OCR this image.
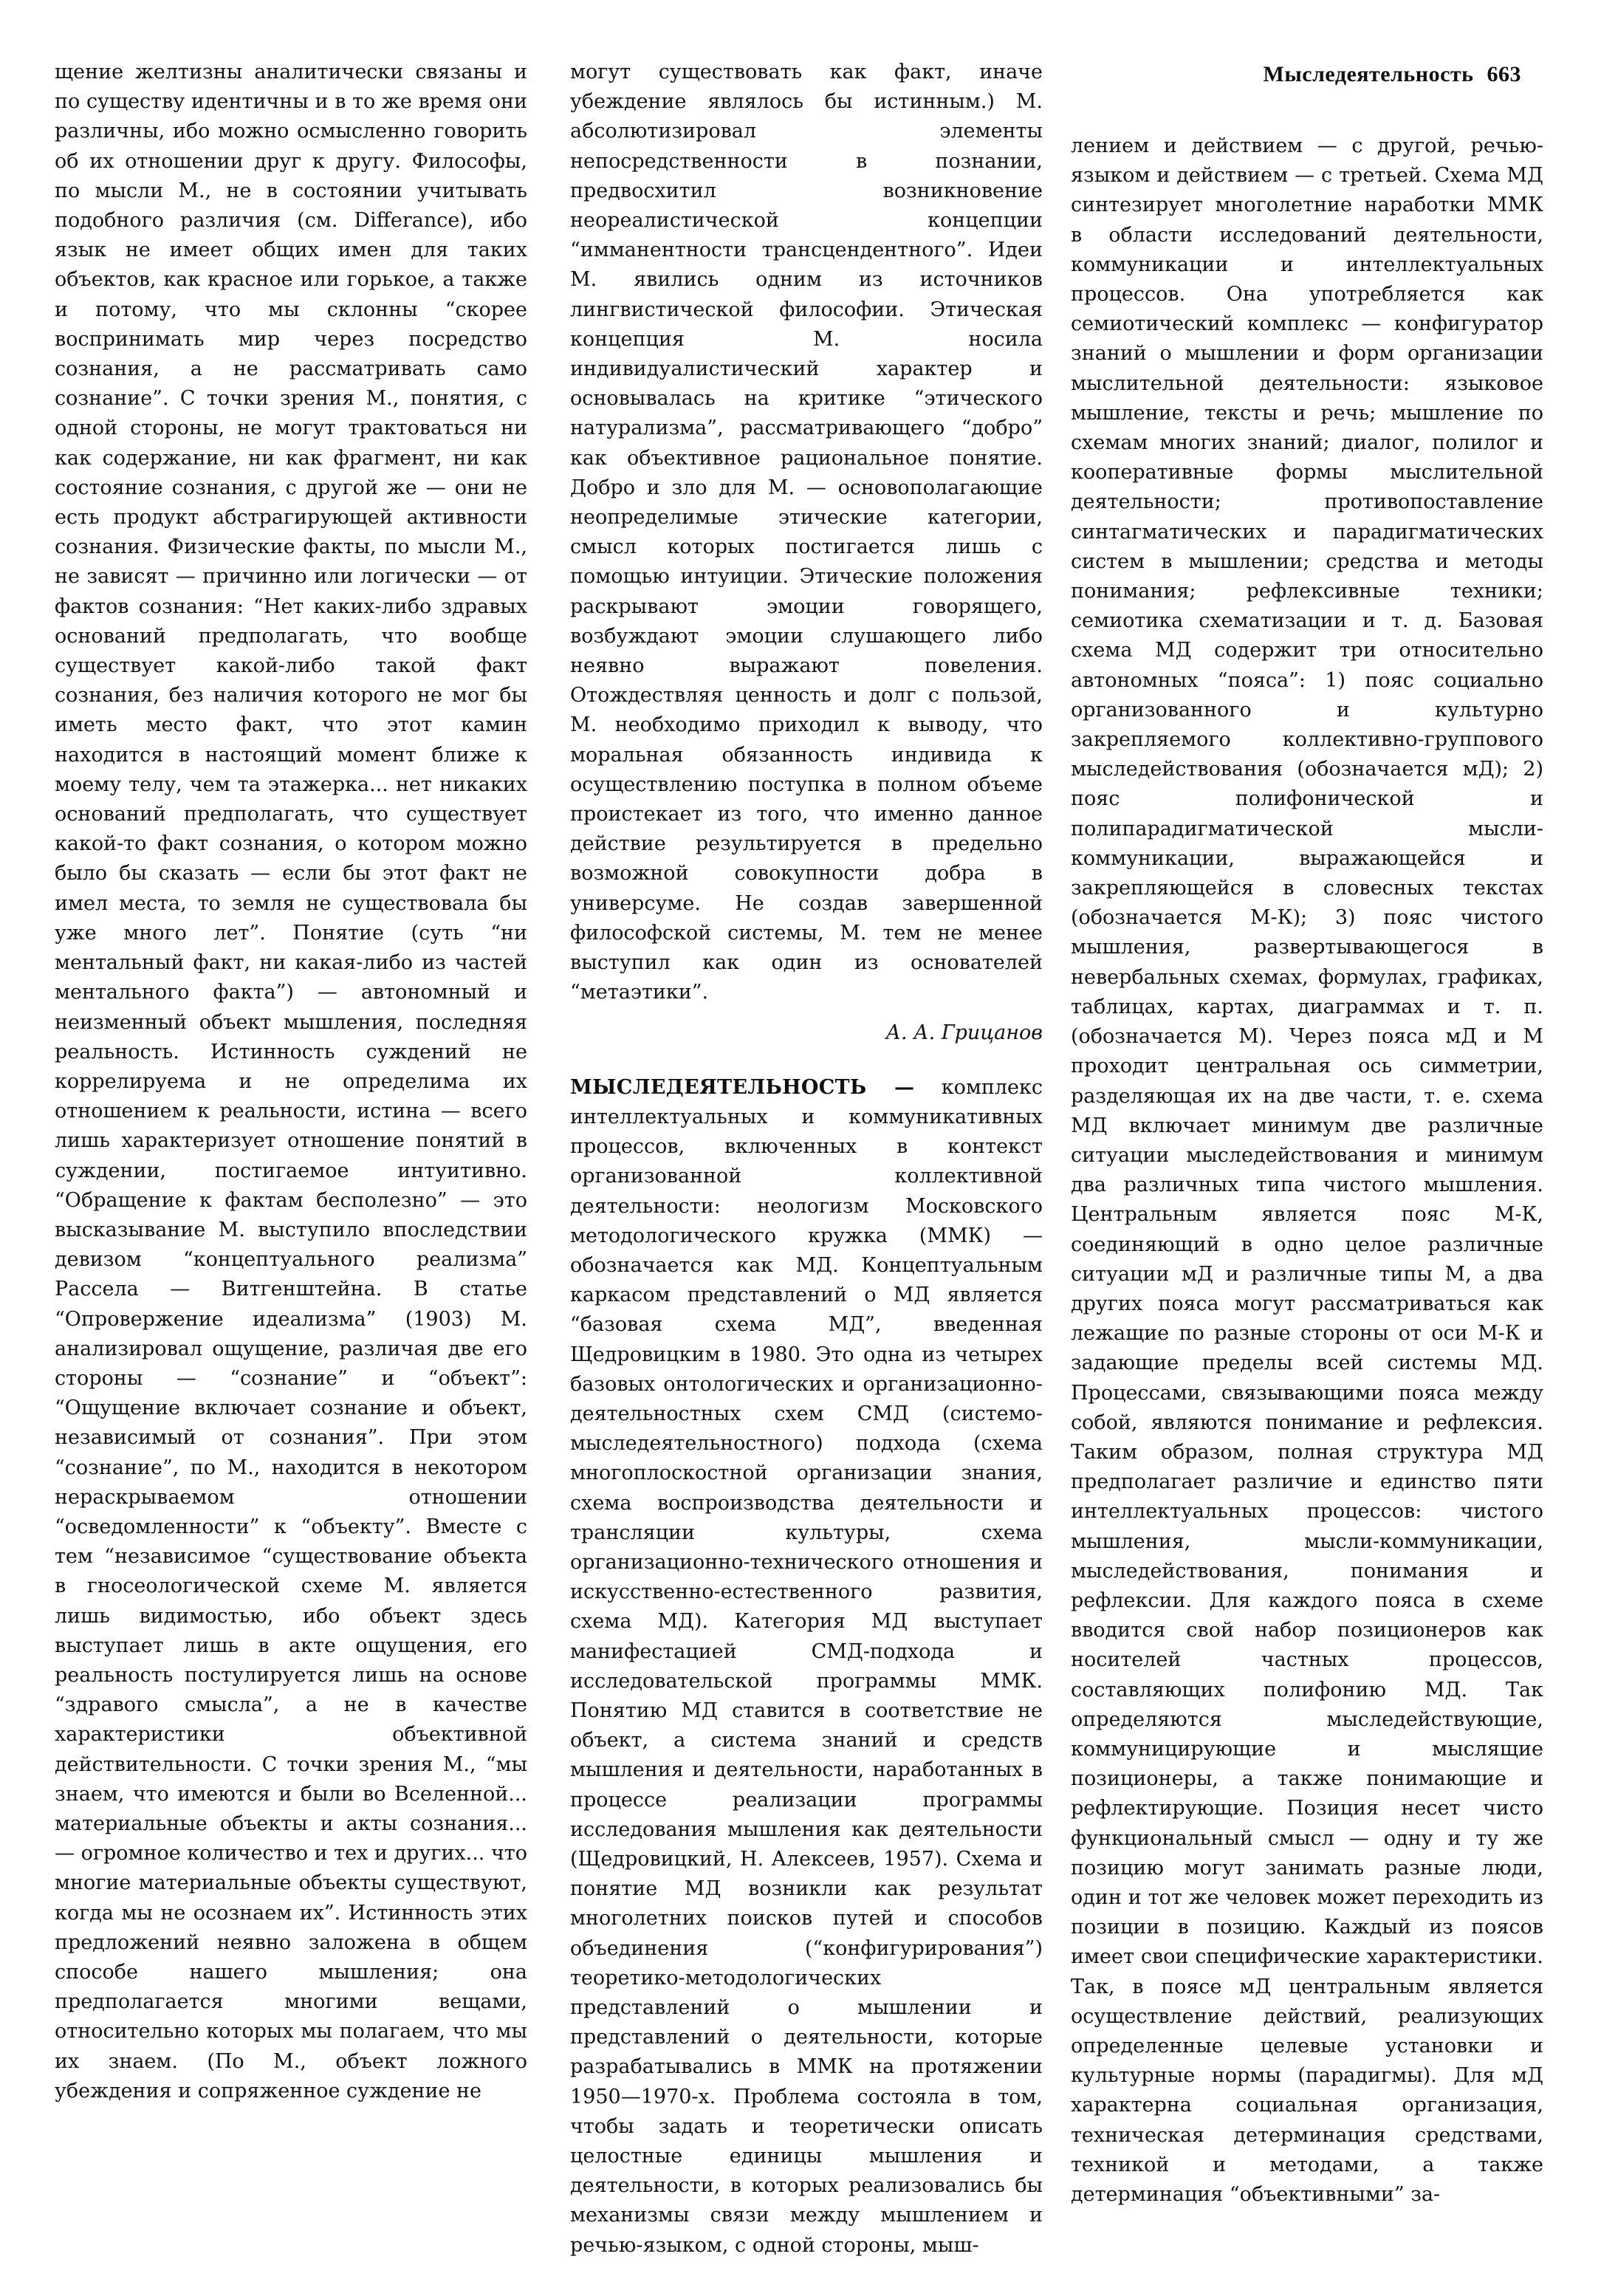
Мыследеятельность 663

щение желтизны аналитически связаны и по существу идентичны и в то же время они различны, ибо можно осмысленно говорить об их отношении друг к другу. Философы, по мысли М., не в состоянии учитывать подобного различия (см. Differance), ибо язык не имеет общих имен для таких объектов, как красное или горькое, а также и потому, что мы склонны “скорее воспринимать мир через посредство сознания, а не рассматривать само сознание”. С точки зрения М., понятия, с одной стороны, не могут трактоваться ни как содержание, ни как фрагмент, ни как состояние сознания, с другой же — они не есть продукт абстрагирующей активности сознания. Физические факты, по мысли М., не зависят — причинно или логически — от фактов сознания: “Нет каких-либо здравых оснований предполагать, что вообще существует какой-либо такой факт сознания, без наличия которого не мог бы иметь место факт, что этот камин находится в настоящий момент ближе к моему телу, чем та этажерка... нет никаких оснований предполагать, что существует какой-то факт сознания, о котором можно было бы сказать — если бы этот факт не имел места, то земля не существовала бы уже много лет”. Понятие (суть “ни ментальный факт, ни какая-либо из частей ментального факта”) — автономный и неизменный объект мышления, последняя реальность. Истинность суждений не коррелируема и не определима их отношением к реальности, истина — всего лишь характеризует отношение понятий в суждении, постигаемое интуитивно. “Обращение к фактам бесполезно” — это высказывание М. выступило впоследствии девизом “концептуального реализма” Рассела — Витгенштейна. В статье “Опровержение идеализма” (1903) М. анализировал ощущение, различая две его стороны — “сознание” и “объект”: “Ощущение включает сознание и объект, независимый от сознания”. При этом “сознание”, по М., находится в некотором нераскрываемом отношении “осведомленности” к “объекту”. Вместе с тем “независимое “существование объекта в гносеологической схеме М. является лишь видимостью, ибо объект здесь выступает лишь в акте ощущения, его реальность постулируется лишь на основе “здравого смысла”, а не в качестве характеристики объективной действительности. С точки зрения М., “мы знаем, что имеются и были во Вселенной... материальные объекты и акты сознания... — огромное количество и тех и других... что многие материальные объекты существуют, когда мы не осознаем их”. Истинность этих предложений неявно заложена в общем способе нашего мышления; она предполагается многими вещами, относительно которых мы полагаем, что мы их знаем. (По М., объект ложного убеждения и сопряженное суждение не

могут существовать как факт, иначе убеждение являлось бы истинным.) М. абсолютизировал элементы непосредственности в познании, предвосхитил возникновение неореалистической концепции “имманентности трансцендентного”. Идеи М. явились одним из источников лингвистической философии. Этическая концепция М. носила индивидуалистический характер и основывалась на критике “этического натурализма”, рассматривающего “добро” как объективное рациональное понятие. Добро и зло для М. — основополагающие неопределимые этические категории, смысл которых постигается лишь с помощью интуиции. Этические положения раскрывают эмоции говорящего, возбуждают эмоции слушающего либо неявно выражают повеления. Отождествляя ценность и долг с пользой, М. необходимо приходил к выводу, что моральная обязанность индивида к осуществлению поступка в полном объеме проистекает из того, что именно данное действие результируется в предельно возможной совокупности добра в универсуме. Не создав завершенной философской системы, М. тем не менее выступил как один из основателей “метаэтики”.

А. А. Грицанов

МЫСЛЕДЕЯТЕЛЬНОСТЬ — комплекс интеллектуальных и коммуникативных процессов, включенных в контекст организованной коллективной деятельности: неологизм Московского методологического кружка (ММК) — обозначается как МД. Концептуальным каркасом представлений о МД является “базовая схема МД”, введенная Щедровицким в 1980. Это одна из четырех базовых онтологических и организационно-деятельностных схем СМД (системо-мыследеятельностного) подхода (схема многоплоскостной организации знания, схема воспроизводства деятельности и трансляции культуры, схема организационно-технического отношения и искусственно-естественного развития, схема МД). Категория МД выступает манифестацией СМД-подхода и исследовательской программы ММК. Понятию МД ставится в соответствие не объект, а система знаний и средств мышления и деятельности, наработанных в процессе реализации программы исследования мышления как деятельности (Щедровицкий, Н. Алексеев, 1957). Схема и понятие МД возникли как результат многолетних поисков путей и способов объединения (“конфигурирования”) теоретико-методологических представлений о мышлении и представлений о деятельности, которые разрабатывались в ММК на протяжении 1950—1970-х. Проблема состояла в том, чтобы задать и теоретически описать целостные единицы мышления и деятельности, в которых реализовались бы механизмы связи между мышлением и речью-языком, с одной стороны, мыш-

лением и действием — с другой, речью-языком и действием — с третьей. Схема МД синтезирует многолетние наработки ММК в области исследований деятельности, коммуникации и интеллектуальных процессов. Она употребляется как семиотический комплекс — конфигуратор знаний о мышлении и форм организации мыслительной деятельности: языковое мышление, тексты и речь; мышление по схемам многих знаний; диалог, полилог и кооперативные формы мыслительной деятельности; противопоставление синтагматических и парадигматических систем в мышлении; средства и методы понимания; рефлексивные техники; семиотика схематизации и т. д. Базовая схема МД содержит три относительно автономных “пояса”: 1) пояс социально организованного и культурно закрепляемого коллективно-группового мыследействования (обозначается мД); 2) пояс полифонической и полипарадигматической мысли-коммуникации, выражающейся и закрепляющейся в словесных текстах (обозначается М-К); 3) пояс чистого мышления, развертывающегося в невербальных схемах, формулах, графиках, таблицах, картах, диаграммах и т. п. (обозначается М). Через пояса мД и М проходит центральная ось симметрии, разделяющая их на две части, т. е. схема МД включает минимум две различные ситуации мыследействования и минимум два различных типа чистого мышления. Центральным является пояс М-К, соединяющий в одно целое различные ситуации мД и различные типы М, а два других пояса могут рассматриваться как лежащие по разные стороны от оси М-К и задающие пределы всей системы МД. Процессами, связывающими пояса между собой, являются понимание и рефлексия. Таким образом, полная структура МД предполагает различие и единство пяти интеллектуальных процессов: чистого мышления, мысли-коммуникации, мыследействования, понимания и рефлексии. Для каждого пояса в схеме вводится свой набор позиционеров как носителей частных процессов, составляющих полифонию МД. Так определяются мыследействующие, коммуницирующие и мыслящие позиционеры, а также понимающие и рефлектирующие. Позиция несет чисто функциональный смысл — одну и ту же позицию могут занимать разные люди, один и тот же человек может переходить из позиции в позицию. Каждый из поясов имеет свои специфические характеристики. Так, в поясе мД центральным является осуществление действий, реализующих определенные целевые установки и культурные нормы (парадигмы). Для мД характерна социальная организация, техническая детерминация средствами, техникой и методами, а также детерминация “объективными” за-
